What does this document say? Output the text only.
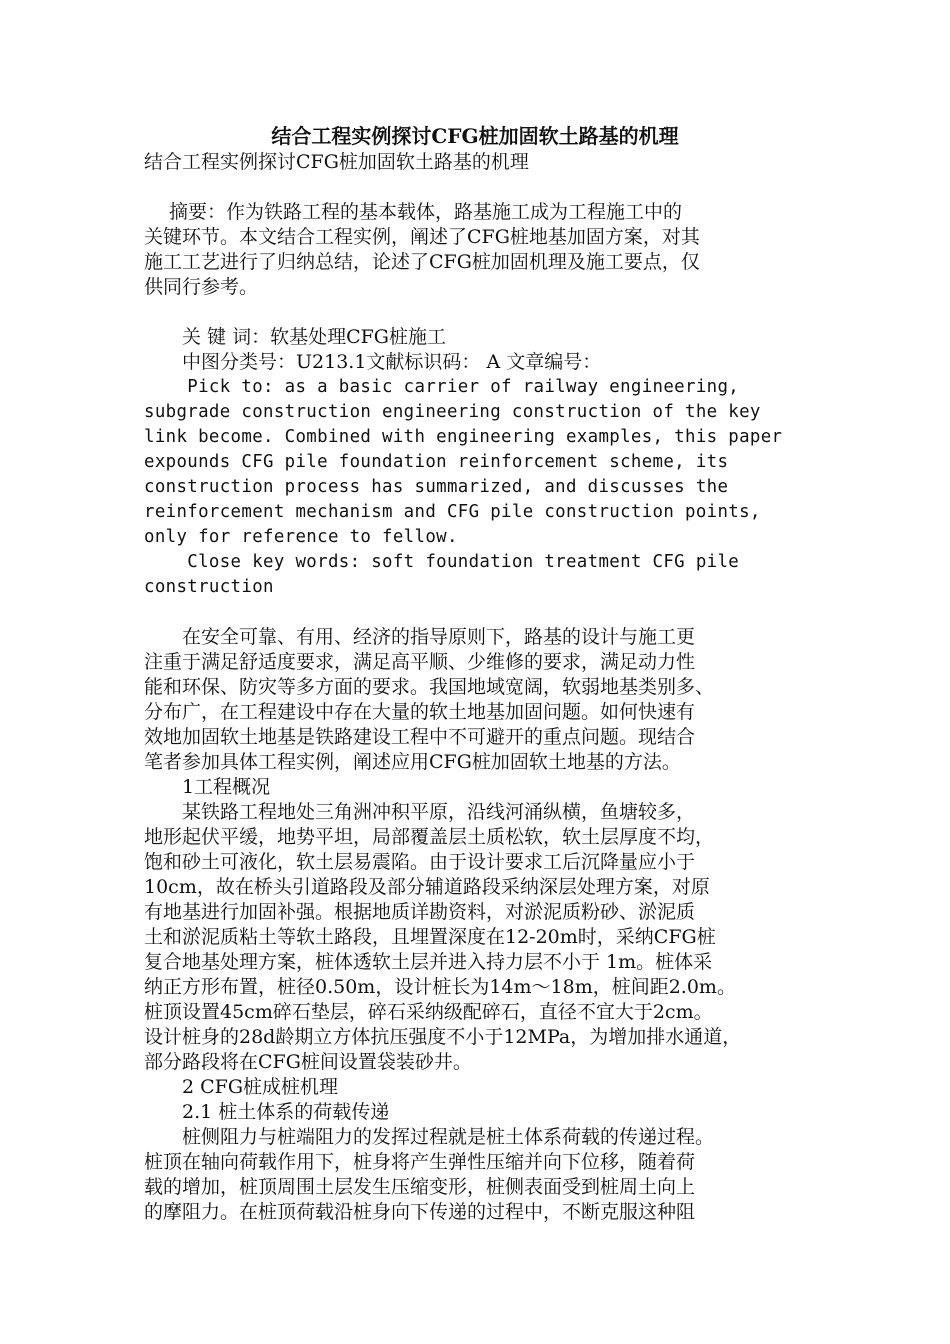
结合工程实例探讨CFG桩加固软土路基的机理
结合工程实例探讨CFG桩加固软土路基的机理
　 摘要：作为铁路工程的基本载体，路基施工成为工程施工中的
关键环节。本文结合工程实例，阐述了CFG桩地基加固方案，对其
施工工艺进行了归纳总结，论述了CFG桩加固机理及施工要点，仅
供同行参考。
　　关 键 词：软基处理CFG桩施工
　　中图分类号：U213.1文献标识码： A 文章编号：
Pick to: as a basic carrier of railway engineering,
subgrade construction engineering construction of the key
link become. Combined with engineering examples, this paper
expounds CFG pile foundation reinforcement scheme, its
construction process has summarized, and discusses the
reinforcement mechanism and CFG pile construction points,
only for reference to fellow.
Close key words: soft foundation treatment CFG pile
construction
　　在安全可靠、有用、经济的指导原则下，路基的设计与施工更
注重于满足舒适度要求，满足高平顺、少维修的要求，满足动力性
能和环保、防灾等多方面的要求。我国地域宽阔，软弱地基类别多、
分布广，在工程建设中存在大量的软土地基加固问题。如何快速有
效地加固软土地基是铁路建设工程中不可避开的重点问题。现结合
笔者参加具体工程实例，阐述应用CFG桩加固软土地基的方法。
　　1工程概况
　　某铁路工程地处三角洲冲积平原，沿线河涌纵横，鱼塘较多，
地形起伏平缓，地势平坦，局部覆盖层土质松软，软土层厚度不均，
饱和砂土可液化，软土层易震陷。由于设计要求工后沉降量应小于
10cm，故在桥头引道路段及部分辅道路段采纳深层处理方案，对原
有地基进行加固补强。根据地质详勘资料，对淤泥质粉砂、淤泥质
土和淤泥质粘土等软土路段，且埋置深度在12-20m时，采纳CFG桩
复合地基处理方案，桩体透软土层并进入持力层不小于 1m。桩体采
纳正方形布置，桩径0.50m，设计桩长为14m～18m，桩间距2.0m。
桩顶设置45cm碎石垫层，碎石采纳级配碎石，直径不宜大于2cm。
设计桩身的28d龄期立方体抗压强度不小于12MPa，为增加排水通道，
部分路段将在CFG桩间设置袋装砂井。
　　2 CFG桩成桩机理
　　2.1 桩土体系的荷载传递
　　桩侧阻力与桩端阻力的发挥过程就是桩土体系荷载的传递过程。
桩顶在轴向荷载作用下，桩身将产生弹性压缩并向下位移，随着荷
载的增加，桩顶周围土层发生压缩变形，桩侧表面受到桩周土向上
的摩阻力。在桩顶荷载沿桩身向下传递的过程中，不断克服这种阻
